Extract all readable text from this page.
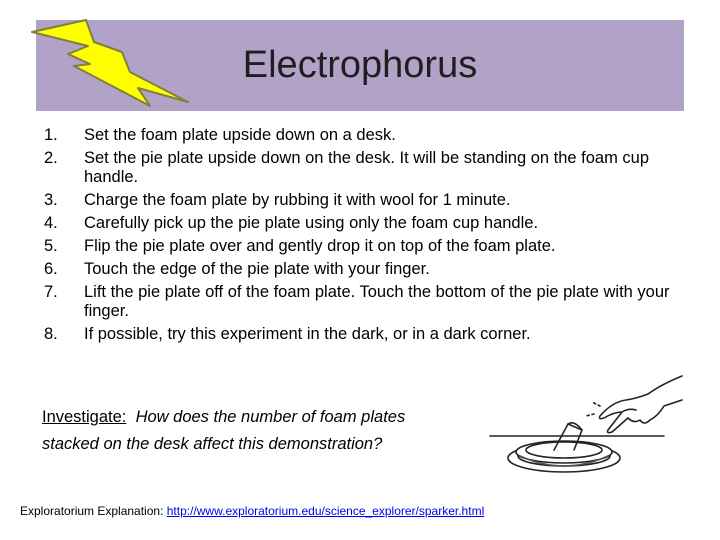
Electrophorus
1.	Set the foam plate upside down on a desk.
2.	Set the pie plate upside down on the desk. It will be standing on the foam cup handle.
3.	Charge the foam plate by rubbing it with wool for 1 minute.
4.	Carefully pick up the pie plate using only the foam cup handle.
5.	Flip the pie plate over and gently drop it on top of the foam plate.
6.	Touch the edge of the pie plate with your finger.
7.	Lift the pie plate off of the foam plate. Touch the bottom of the pie plate with your finger.
8.	If possible, try this experiment in the dark, or in a dark corner.
Investigate: How does the number of foam plates stacked on the desk affect this demonstration?
Exploratorium Explanation: http://www.exploratorium.edu/science_explorer/sparker.html
